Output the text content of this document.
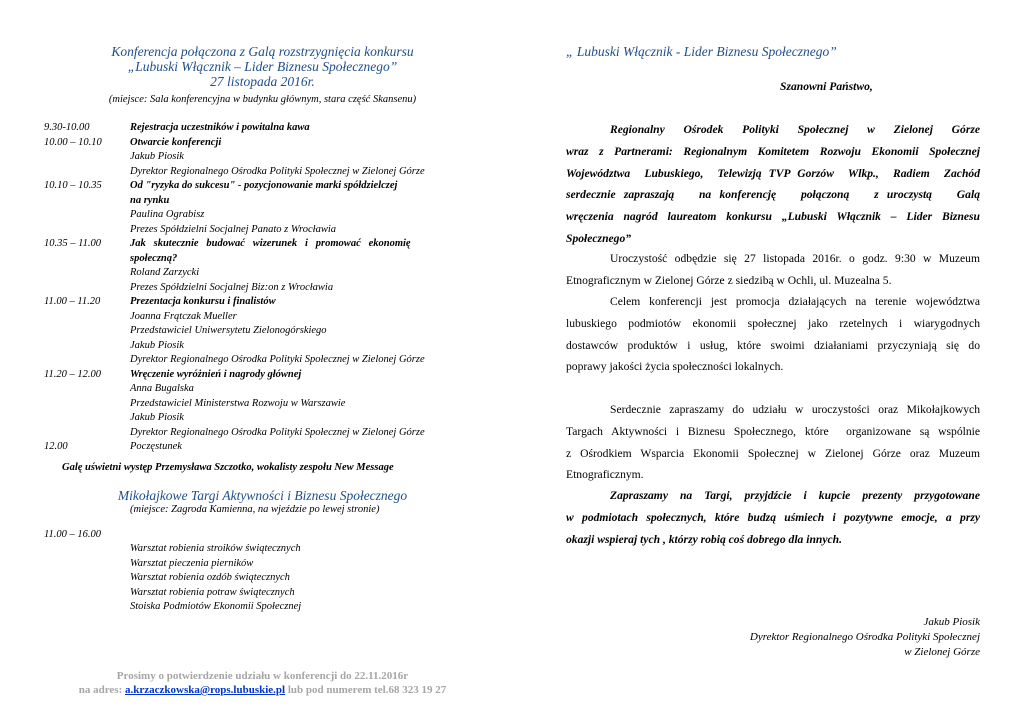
Konferencja połączona z Galą rozstrzygnięcia konkursu
„Lubuski Włącznik – Lider Biznesu Społecznego”
27 listopada 2016r.
(miejsce: Sala konferencyjna w budynku głównym, stara część Skansenu)
9.30-10.00	Rejestracja uczestników i powitalna kawa
10.00 – 10.10	Otwarcie konferencji
Jakub Piosik
Dyrektor Regionalnego Ośrodka Polityki Społecznej w Zielonej Górze
10.10 – 10.35	Od "ryzyka do sukcesu" - pozycjonowanie marki spółdzielczej
na rynku
Paulina Ograbisz
Prezes Spółdzielni Socjalnej Panato z Wrocławia
10.35 – 11.00	Jak   skutecznie   budować   wizerunek   i   promować   ekonomię
społeczną?
Roland Zarzycki
Prezes Spółdzielni Socjalnej Biz:on z Wrocławia
11.00 – 11.20	Prezentacja konkursu i finalistów
Joanna Frątczak Mueller
Przedstawiciel Uniwersytetu Zielonogórskiego
Jakub Piosik
Dyrektor Regionalnego Ośrodka Polityki Społecznej w Zielonej Górze
11.20 – 12.00	Wręczenie wyróżnień i nagrody głównej
Anna Bugalska
Przedstawiciel Ministerstwa Rozwoju w Warszawie
Jakub Piosik
Dyrektor Regionalnego Ośrodka Polityki Społecznej w Zielonej Górze
12.00	Poczęstunek
Galę uświetni występ Przemysława Szczotko, wokalisty zespołu New Message
Mikołajkowe Targi Aktywności i Biznesu Społecznego
(miejsce: Zagroda Kamienna, na wjeździe po lewej stronie)
11.00 – 16.00
Warsztat robienia stroików świątecznych
Warsztat pieczenia pierników
Warsztat robienia ozdób świątecznych
Warsztat robienia potraw świątecznych
Stoiska Podmiotów Ekonomii Społecznej
Prosimy o potwierdzenie udziału w konferencji do 22.11.2016r
na adres: a.krzaczkowska@rops.lubuskie.pl lub pod numerem tel.68 323 19 27
„ Lubuski Włącznik - Lider Biznesu Społecznego”
Szanowni Państwo,
Regionalny   Ośrodek   Polityki   Społecznej   w   Zielonej   Górze
wraz z Partnerami: Regionalnym Komitetem Rozwoju Ekonomii Społecznej
Województwa  Lubuskiego,  Telewizją TVP Gorzów  Wlkp.,  Radiem  Zachód
serdecznie zapraszają   na konferencję   połączoną   z uroczystą   Galą
wręczenia nagród laureatom konkursu „Lubuski Włącznik – Lider Biznesu
Społecznego”
Uroczystość odbędzie się 27 listopada 2016r. o godz. 9:30 w Muzeum
Etnograficznym w Zielonej Górze z siedzibą w Ochli, ul. Muzealna 5.
Celem konferencji jest promocja działających na terenie województwa
lubuskiego podmiotów ekonomii społecznej jako rzetelnych i wiarygodnych
dostawców produktów i usług, które swoimi działaniami przyczyniają się do
poprawy jakości życia społeczności lokalnych.
Serdecznie zapraszamy do udziału w uroczystości oraz Mikołajkowych
Targach Aktywności i Biznesu Społecznego, które  organizowane są wspólnie
z Ośrodkiem Wsparcia Ekonomii Społecznej w Zielonej Górze oraz Muzeum
Etnograficznym.
Zapraszamy na Targi, przyjdźcie i kupcie prezenty przygotowane
w podmiotach społecznych, które budzą uśmiech i pozytywne emocje, a przy
okazji wspieraj tych , którzy robią coś dobrego dla innych.
Jakub Piosik
Dyrektor Regionalnego Ośrodka Polityki Społecznej
w Zielonej Górze
